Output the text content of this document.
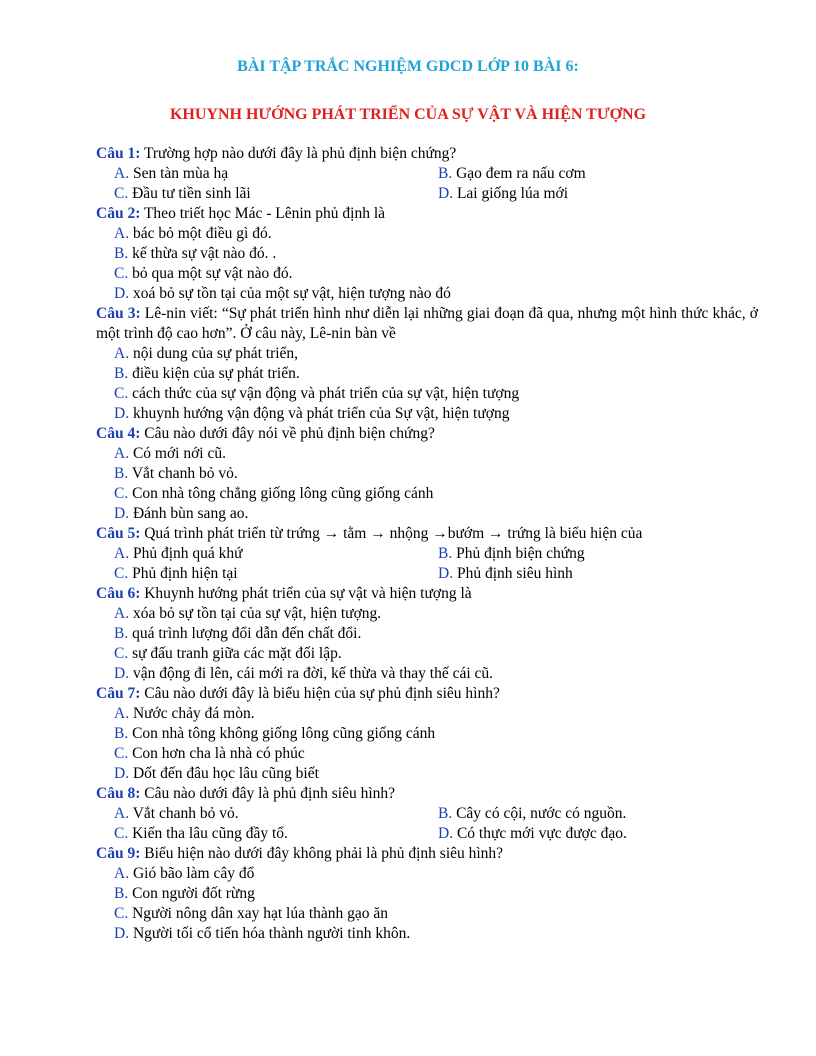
BÀI TẬP TRẮC NGHIỆM GDCD LỚP 10 BÀI 6:
KHUYNH HƯỚNG PHÁT TRIỂN CỦA SỰ VẬT VÀ HIỆN TƯỢNG
Câu 1: Trường hợp nào dưới đây là phủ định biện chứng?
A. Sen tàn mùa hạ	B. Gạo đem ra nấu cơm
C. Đầu tư tiền sinh lãi	D. Lai giống lúa mới
Câu 2: Theo triết học Mác - Lênin phủ định là
A. bác bỏ một điều gì đó.
B. kế thừa sự vật nào đó. .
C. bỏ qua một sự vật nào đó.
D. xoá bỏ sự tồn tại của một sự vật, hiện tượng nào đó
Câu 3: Lê-nin viết: “Sự phát triển hình như diễn lại những giai đoạn đã qua, nhưng một hình thức khác, ở một trình độ cao hơn”. Ở câu này, Lê-nin bàn về
A. nội dung của sự phát triển,
B. điều kiện của sự phát triển.
C. cách thức của sự vận động và phát triển của sự vật, hiện tượng
D. khuynh hướng vận động và phát triển của Sự vật, hiện tượng
Câu 4: Câu nào dưới đây nói về phủ định biện chứng?
A. Có mới nới cũ.
B. Vắt chanh bỏ vỏ.
C. Con nhà tông chẳng giống lông cũng giống cánh
D. Đánh bùn sang ao.
Câu 5: Quá trình phát triển từ trứng → tằm → nhộng →bướm → trứng là biểu hiện của
A. Phủ định quá khứ	B. Phủ định biện chứng
C. Phủ định hiện tại	D. Phủ định siêu hình
Câu 6: Khuynh hướng phát triển của sự vật và hiện tượng là
A. xóa bỏ sự tồn tại của sự vật, hiện tượng.
B. quá trình lượng đổi dẫn đến chất đổi.
C. sự đấu tranh giữa các mặt đối lập.
D. vận động đi lên, cái mới ra đời, kế thừa và thay thế cái cũ.
Câu 7: Câu nào dưới đây là biểu hiện của sự phủ định siêu hình?
A. Nước chảy đá mòn.
B. Con nhà tông không giống lông cũng giống cánh
C. Con hơn cha là nhà có phúc
D. Dốt đến đâu học lâu cũng biết
Câu 8: Câu nào dưới đây là phủ định siêu hình?
A. Vắt chanh bỏ vỏ.	B. Cây có cội, nước có nguồn.
C. Kiến tha lâu cũng đầy tổ.	D. Có thực mới vực được đạo.
Câu 9: Biểu hiện nào dưới đây không phải là phủ định siêu hình?
A. Gió bão làm cây đổ
B. Con người đốt rừng
C. Người nông dân xay hạt lúa thành gạo ăn
D. Người tối cổ tiến hóa thành người tinh khôn.
